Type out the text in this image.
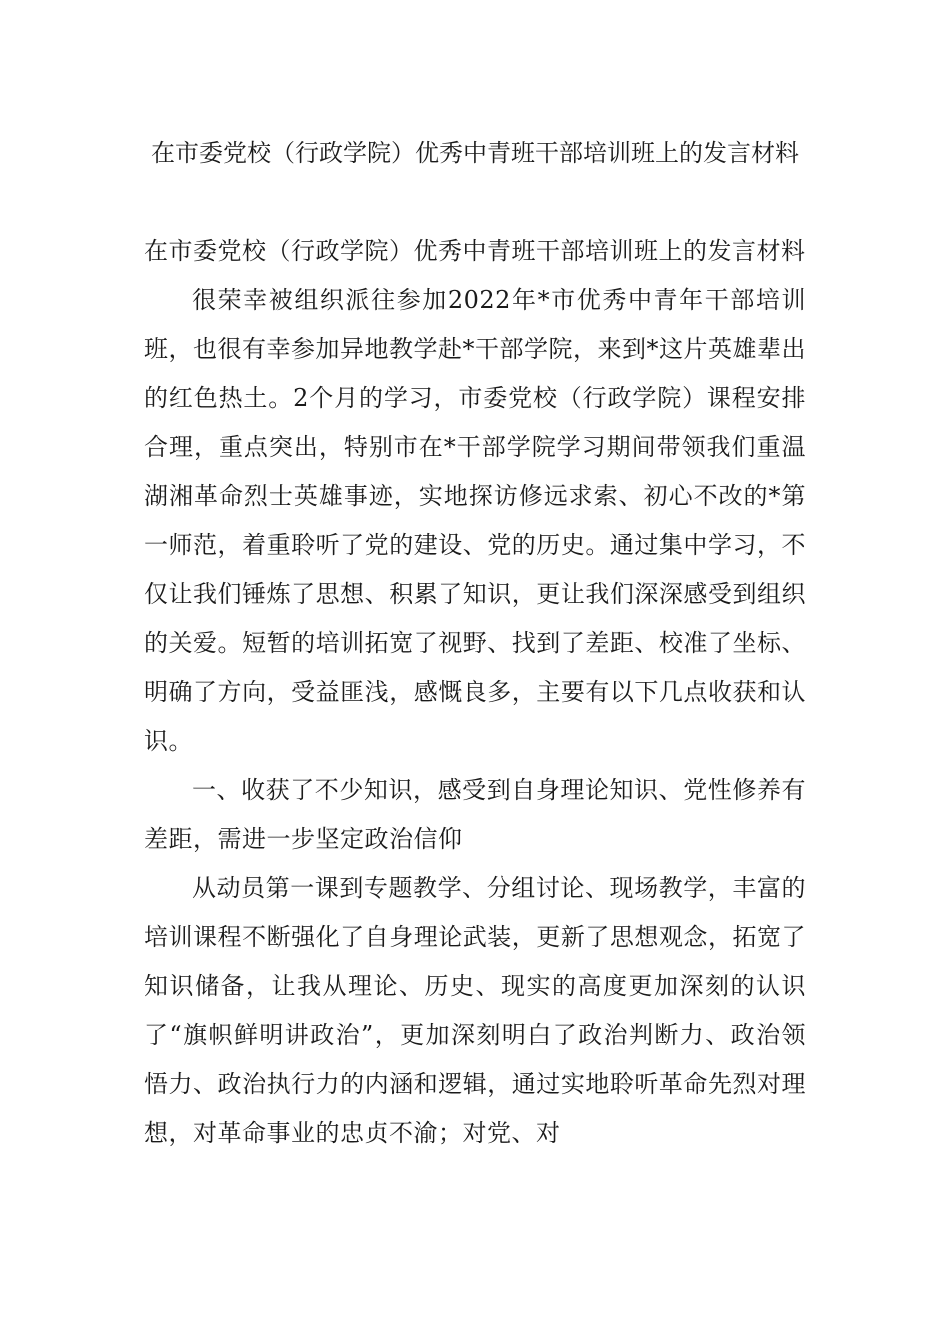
在市委党校（行政学院）优秀中青班干部培训班上的发言材料

在市委党校（行政学院）优秀中青班干部培训班上的发言材料

很荣幸被组织派往参加2022年*市优秀中青年干部培训班，也很有幸参加异地教学赴*干部学院，来到*这片英雄辈出的红色热土。2个月的学习，市委党校（行政学院）课程安排合理，重点突出，特别市在*干部学院学习期间带领我们重温湖湘革命烈士英雄事迹，实地探访修远求索、初心不改的*第一师范，着重聆听了党的建设、党的历史。通过集中学习，不仅让我们锤炼了思想、积累了知识，更让我们深深感受到组织的关爱。短暂的培训拓宽了视野、找到了差距、校准了坐标、明确了方向，受益匪浅，感慨良多，主要有以下几点收获和认识。

一、收获了不少知识，感受到自身理论知识、党性修养有差距，需进一步坚定政治信仰

从动员第一课到专题教学、分组讨论、现场教学，丰富的培训课程不断强化了自身理论武装，更新了思想观念，拓宽了知识储备，让我从理论、历史、现实的高度更加深刻的认识了“旗帜鲜明讲政治”，更加深刻明白了政治判断力、政治领悟力、政治执行力的内涵和逻辑，通过实地聆听革命先烈对理想，对革命事业的忠贞不渝；对党、对
